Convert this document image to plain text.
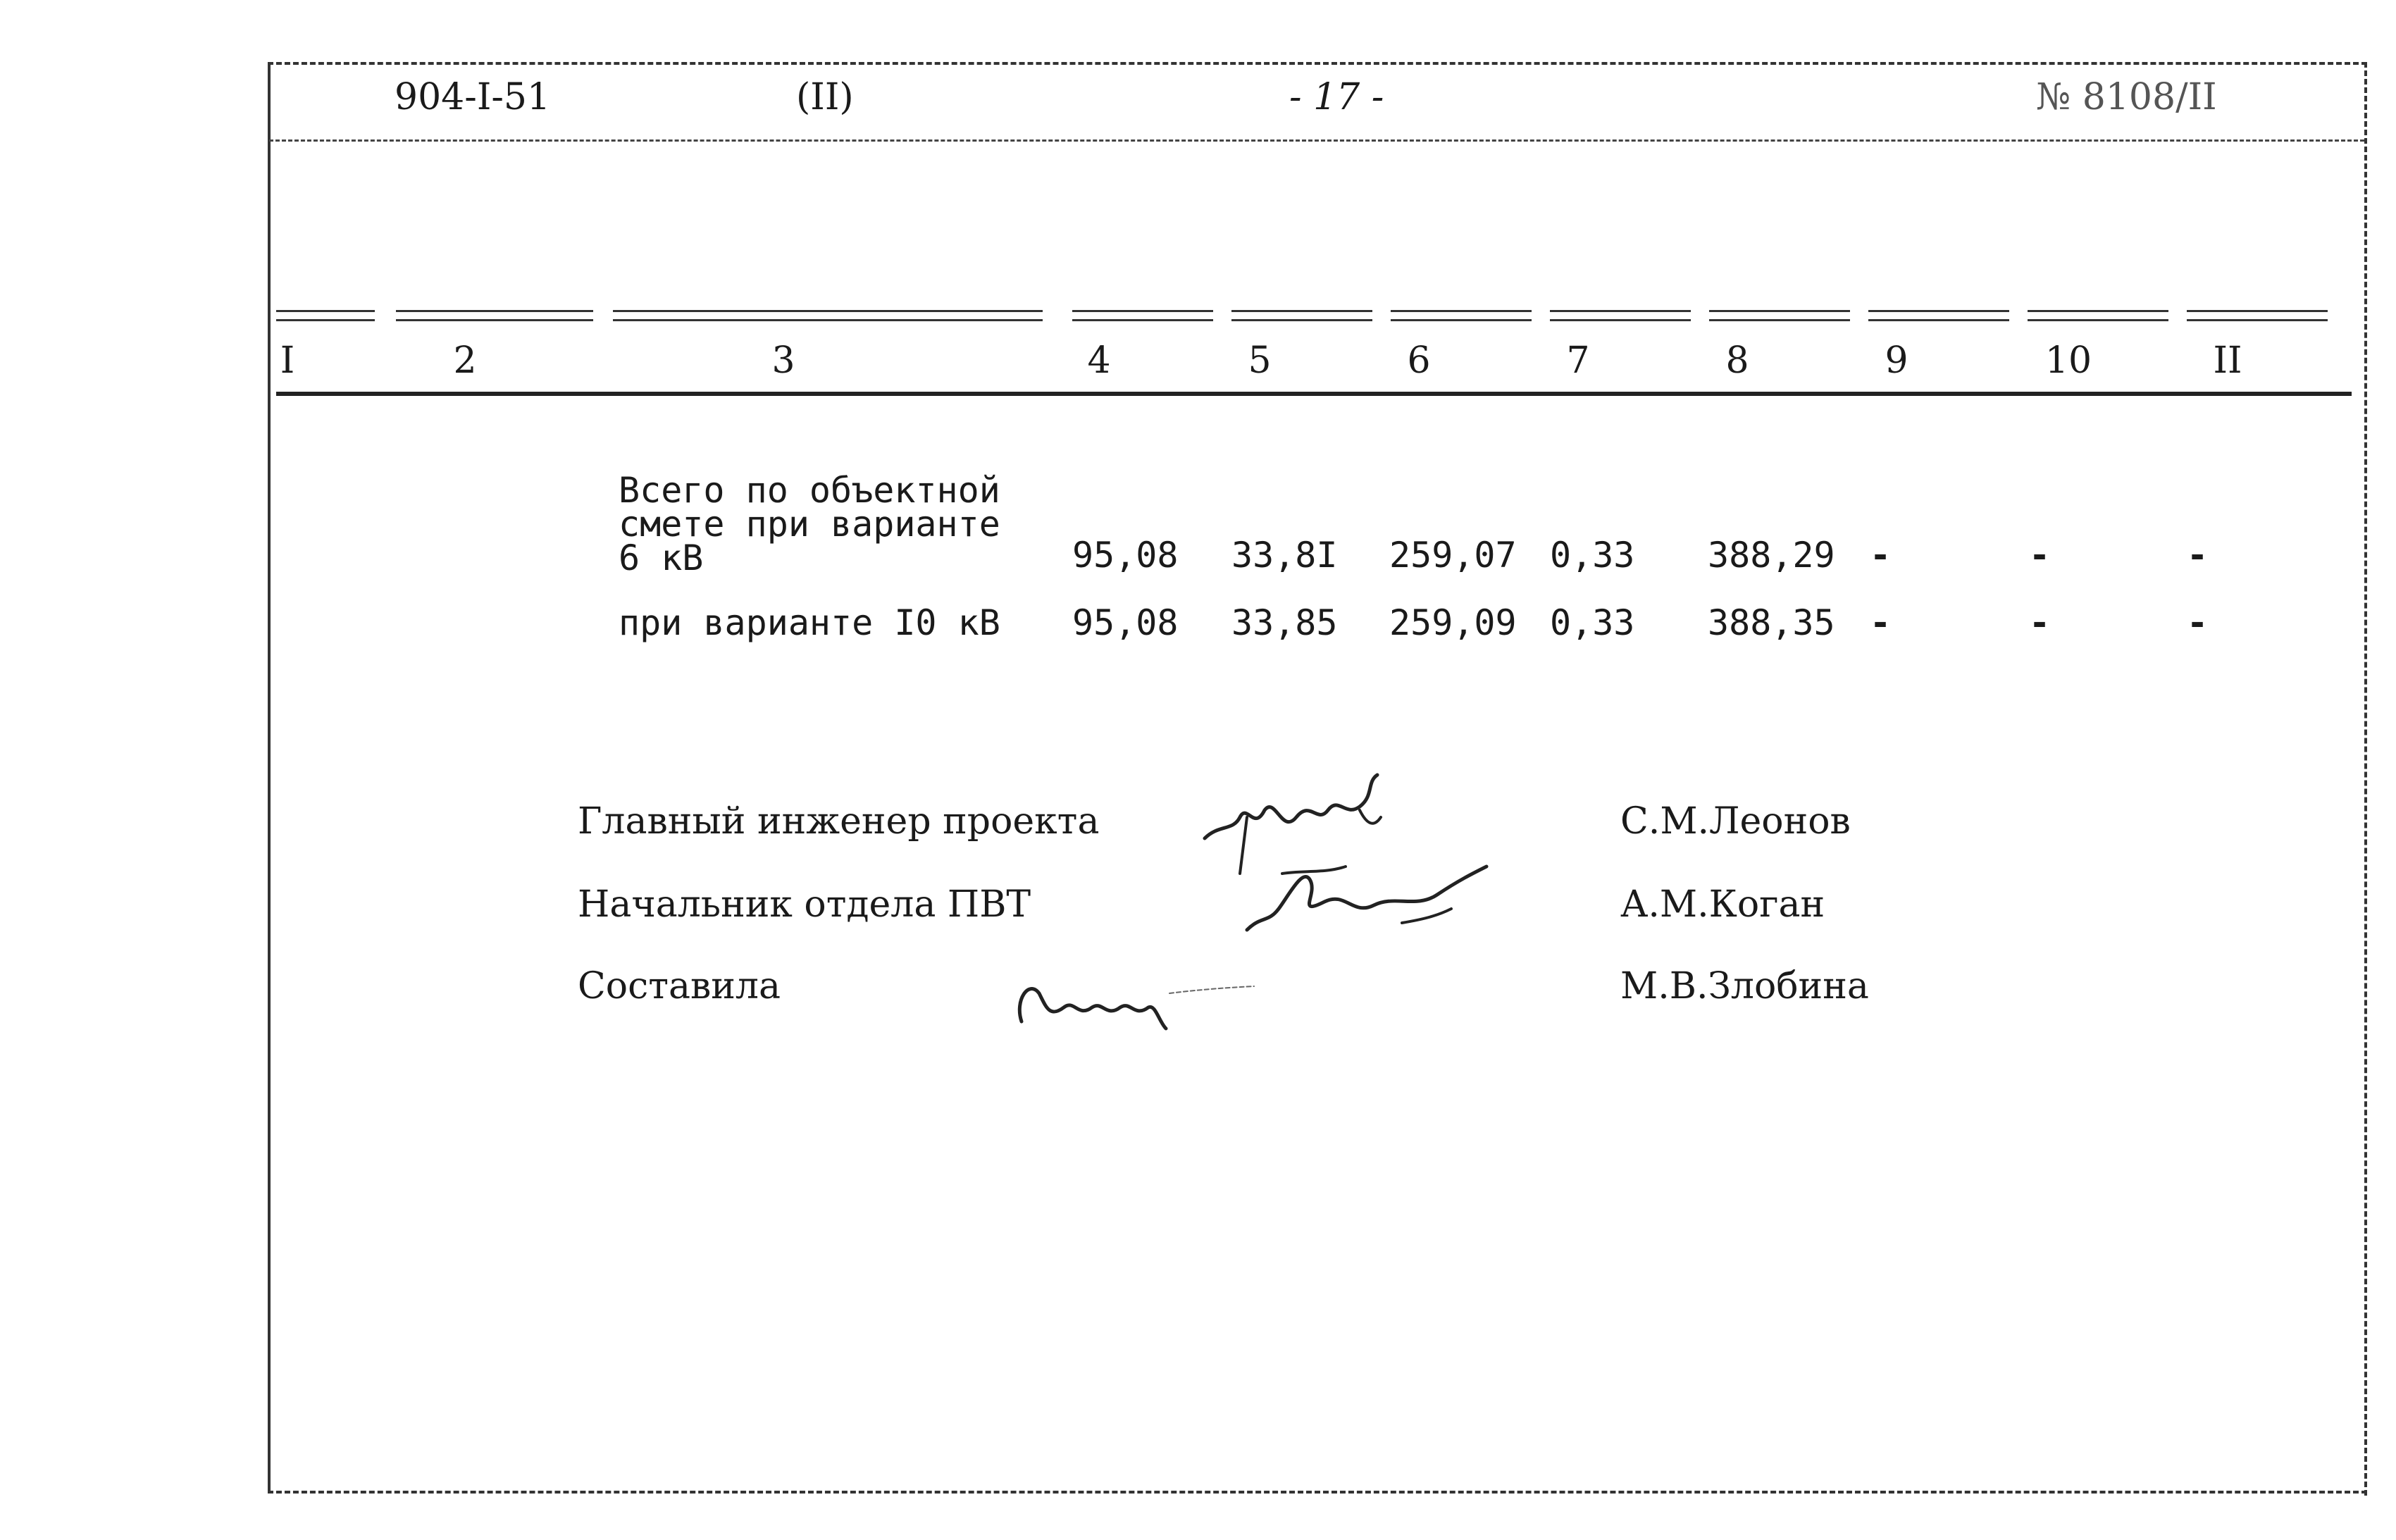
904-I-51	(II)	- 17 -	№ 8108/II
I	2	3	4	5	6	7	8	9	10	II
Всего по объектной
смете при варианте
6 кВ	95,08 33,8I 259,07 0,33 388,29 -	-	-
при варианте I0 кВ 95,08 33,85 259,09 0,33 388,35 -	-	-
Главный инженер проекта	С.М.Леонов
Начальник отдела ПВТ	А.М.Коган
Составила	М.В.Злобина
